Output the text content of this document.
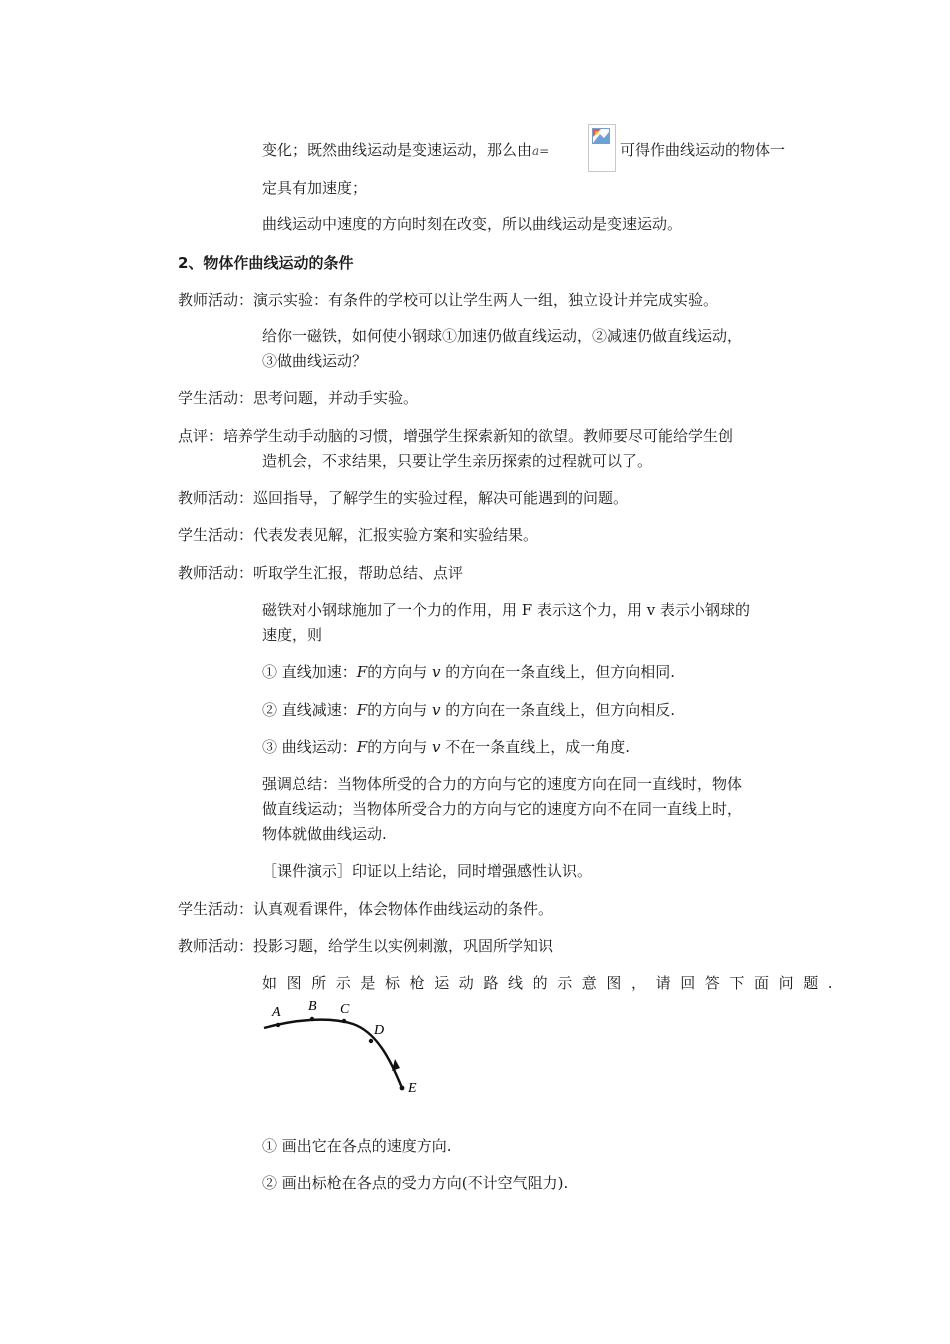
变化；既然曲线运动是变速运动，那么由a=	可得作曲线运动的物体一
定具有加速度；
曲线运动中速度的方向时刻在改变，所以曲线运动是变速运动。
2、物体作曲线运动的条件
教师活动：演示实验：有条件的学校可以让学生两人一组，独立设计并完成实验。
给你一磁铁，如何使小钢球①加速仍做直线运动，②减速仍做直线运动，
③做曲线运动？
学生活动：思考问题，并动手实验。
点评：培养学生动手动脑的习惯，增强学生探索新知的欲望。教师要尽可能给学生创
造机会，不求结果，只要让学生亲历探索的过程就可以了。
教师活动：巡回指导，了解学生的实验过程，解决可能遇到的问题。
学生活动：代表发表见解，汇报实验方案和实验结果。
教师活动：听取学生汇报，帮助总结、点评
磁铁对小钢球施加了一个力的作用，用 F 表示这个力，用 v 表示小钢球的
速度，则
① 直线加速：F的方向与 v 的方向在一条直线上，但方向相同.
② 直线减速：F的方向与 v 的方向在一条直线上，但方向相反.
③ 曲线运动：F的方向与 v 不在一条直线上，成一角度.
强调总结：当物体所受的合力的方向与它的速度方向在同一直线时，物体
做直线运动；当物体所受合力的方向与它的速度方向不在同一直线上时，
物体就做曲线运动.
［课件演示］印证以上结论，同时增强感性认识。
学生活动：认真观看课件，体会物体作曲线运动的条件。
教师活动：投影习题，给学生以实例刺激，巩固所学知识
如图所示是标枪运动路线的示意图，请回答下面问题.
A B C
D
E
① 画出它在各点的速度方向.
② 画出标枪在各点的受力方向(不计空气阻力).
